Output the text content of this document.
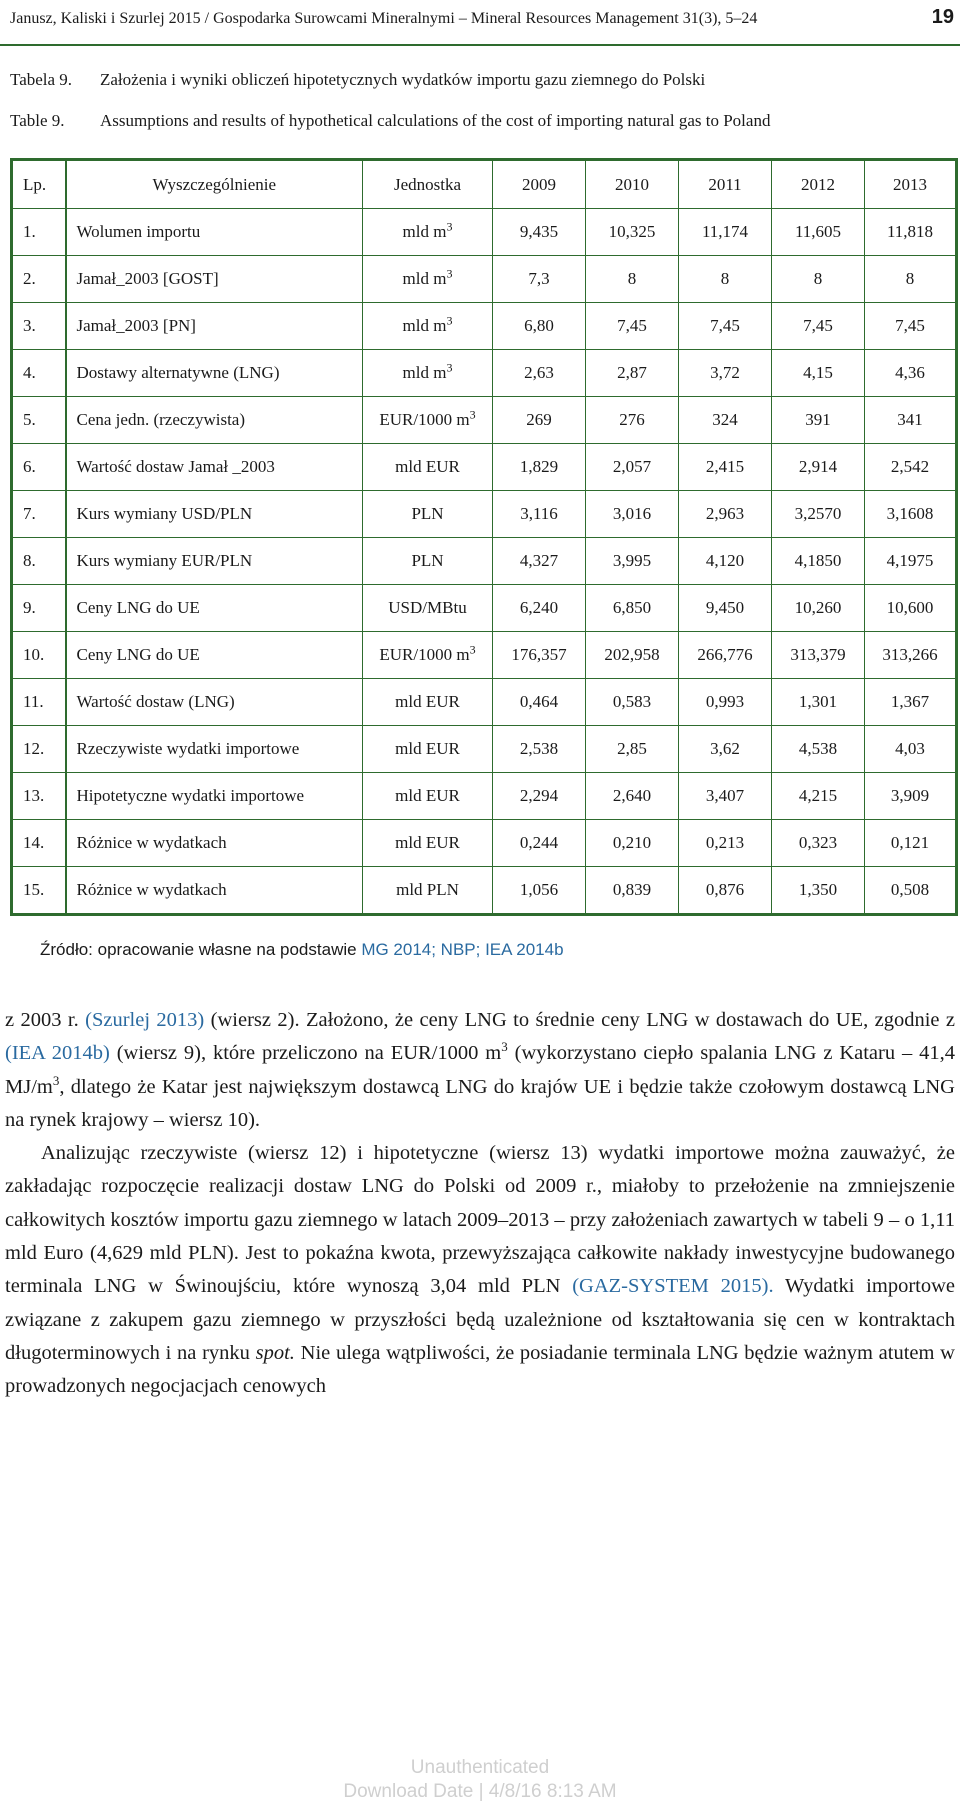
Janusz, Kaliski i Szurlej 2015 / Gospodarka Surowcami Mineralnymi – Mineral Resources Management 31(3), 5–24	19
Tabela 9.	Założenia i wyniki obliczeń hipotetycznych wydatków importu gazu ziemnego do Polski
Table 9.	Assumptions and results of hypothetical calculations of the cost of importing natural gas to Poland
Lp.	Wyszczególnienie	Jednostka	2009	2010	2011	2012	2013
1.	Wolumen importu	mld $m^3$	9,435	10,325	11,174	11,605	11,818
2.	Jamał_2003 [GOST]	mld $m^3$	7,3	8	8	8	8
3.	Jamał_2003 [PN]	mld $m^3$	6,80	7,45	7,45	7,45	7,45
4.	Dostawy alternatywne (LNG)	mld $m^3$	2,63	2,87	3,72	4,15	4,36
5.	Cena jedn. (rzeczywista)	EUR/1000 $m^3$	269	276	324	391	341
6.	Wartość dostaw Jamał _2003	mld EUR	1,829	2,057	2,415	2,914	2,542
7.	Kurs wymiany USD/PLN	PLN	3,116	3,016	2,963	3,2570	3,1608
8.	Kurs wymiany EUR/PLN	PLN	4,327	3,995	4,120	4,1850	4,1975
9.	Ceny LNG do UE	USD/MBtu	6,240	6,850	9,450	10,260	10,600
10.	Ceny LNG do UE	EUR/1000 $m^3$	176,357	202,958	266,776	313,379	313,266
11.	Wartość dostaw (LNG)	mld EUR	0,464	0,583	0,993	1,301	1,367
12.	Rzeczywiste wydatki importowe	mld EUR	2,538	2,85	3,62	4,538	4,03
13.	Hipotetyczne wydatki importowe	mld EUR	2,294	2,640	3,407	4,215	3,909
14.	Różnice w wydatkach	mld EUR	0,244	0,210	0,213	0,323	0,121
15.	Różnice w wydatkach	mld PLN	1,056	0,839	0,876	1,350	0,508
Źródło: opracowanie własne na podstawie MG 2014; NBP; IEA 2014b

z 2003 r. (Szurlej 2013) (wiersz 2). Założono, że ceny LNG to średnie ceny LNG w dostawach do UE, zgodnie z (IEA 2014b) (wiersz 9), które przeliczono na EUR/1000 $m^3$ (wykorzystano ciepło spalania LNG z Kataru – 41,4 $MJ/m^3$, dlatego że Katar jest największym dostawcą LNG do krajów UE i będzie także czołowym dostawcą LNG na rynek krajowy – wiersz 10).

Analizując rzeczywiste (wiersz 12) i hipotetyczne (wiersz 13) wydatki importowe można zauważyć, że zakładając rozpoczęcie realizacji dostaw LNG do Polski od 2009 r., miałoby to przełożenie na zmniejszenie całkowitych kosztów importu gazu ziemnego w latach 2009–2013 – przy założeniach zawartych w tabeli 9 – o 1,11 mld Euro (4,629 mld PLN). Jest to pokaźna kwota, przewyższająca całkowite nakłady inwestycyjne budowanego terminala LNG w Świnoujściu, które wynoszą 3,04 mld PLN (GAZ-SYSTEM 2015). Wydatki importowe związane z zakupem gazu ziemnego w przyszłości będą uzależnione od kształtowania się cen w kontraktach długoterminowych i na rynku spot. Nie ulega wątpliwości, że posiadanie terminala LNG będzie ważnym atutem w prowadzonych negocjacjach cenowych

Unauthenticated
Download Date | 4/8/16 8:13 AM
